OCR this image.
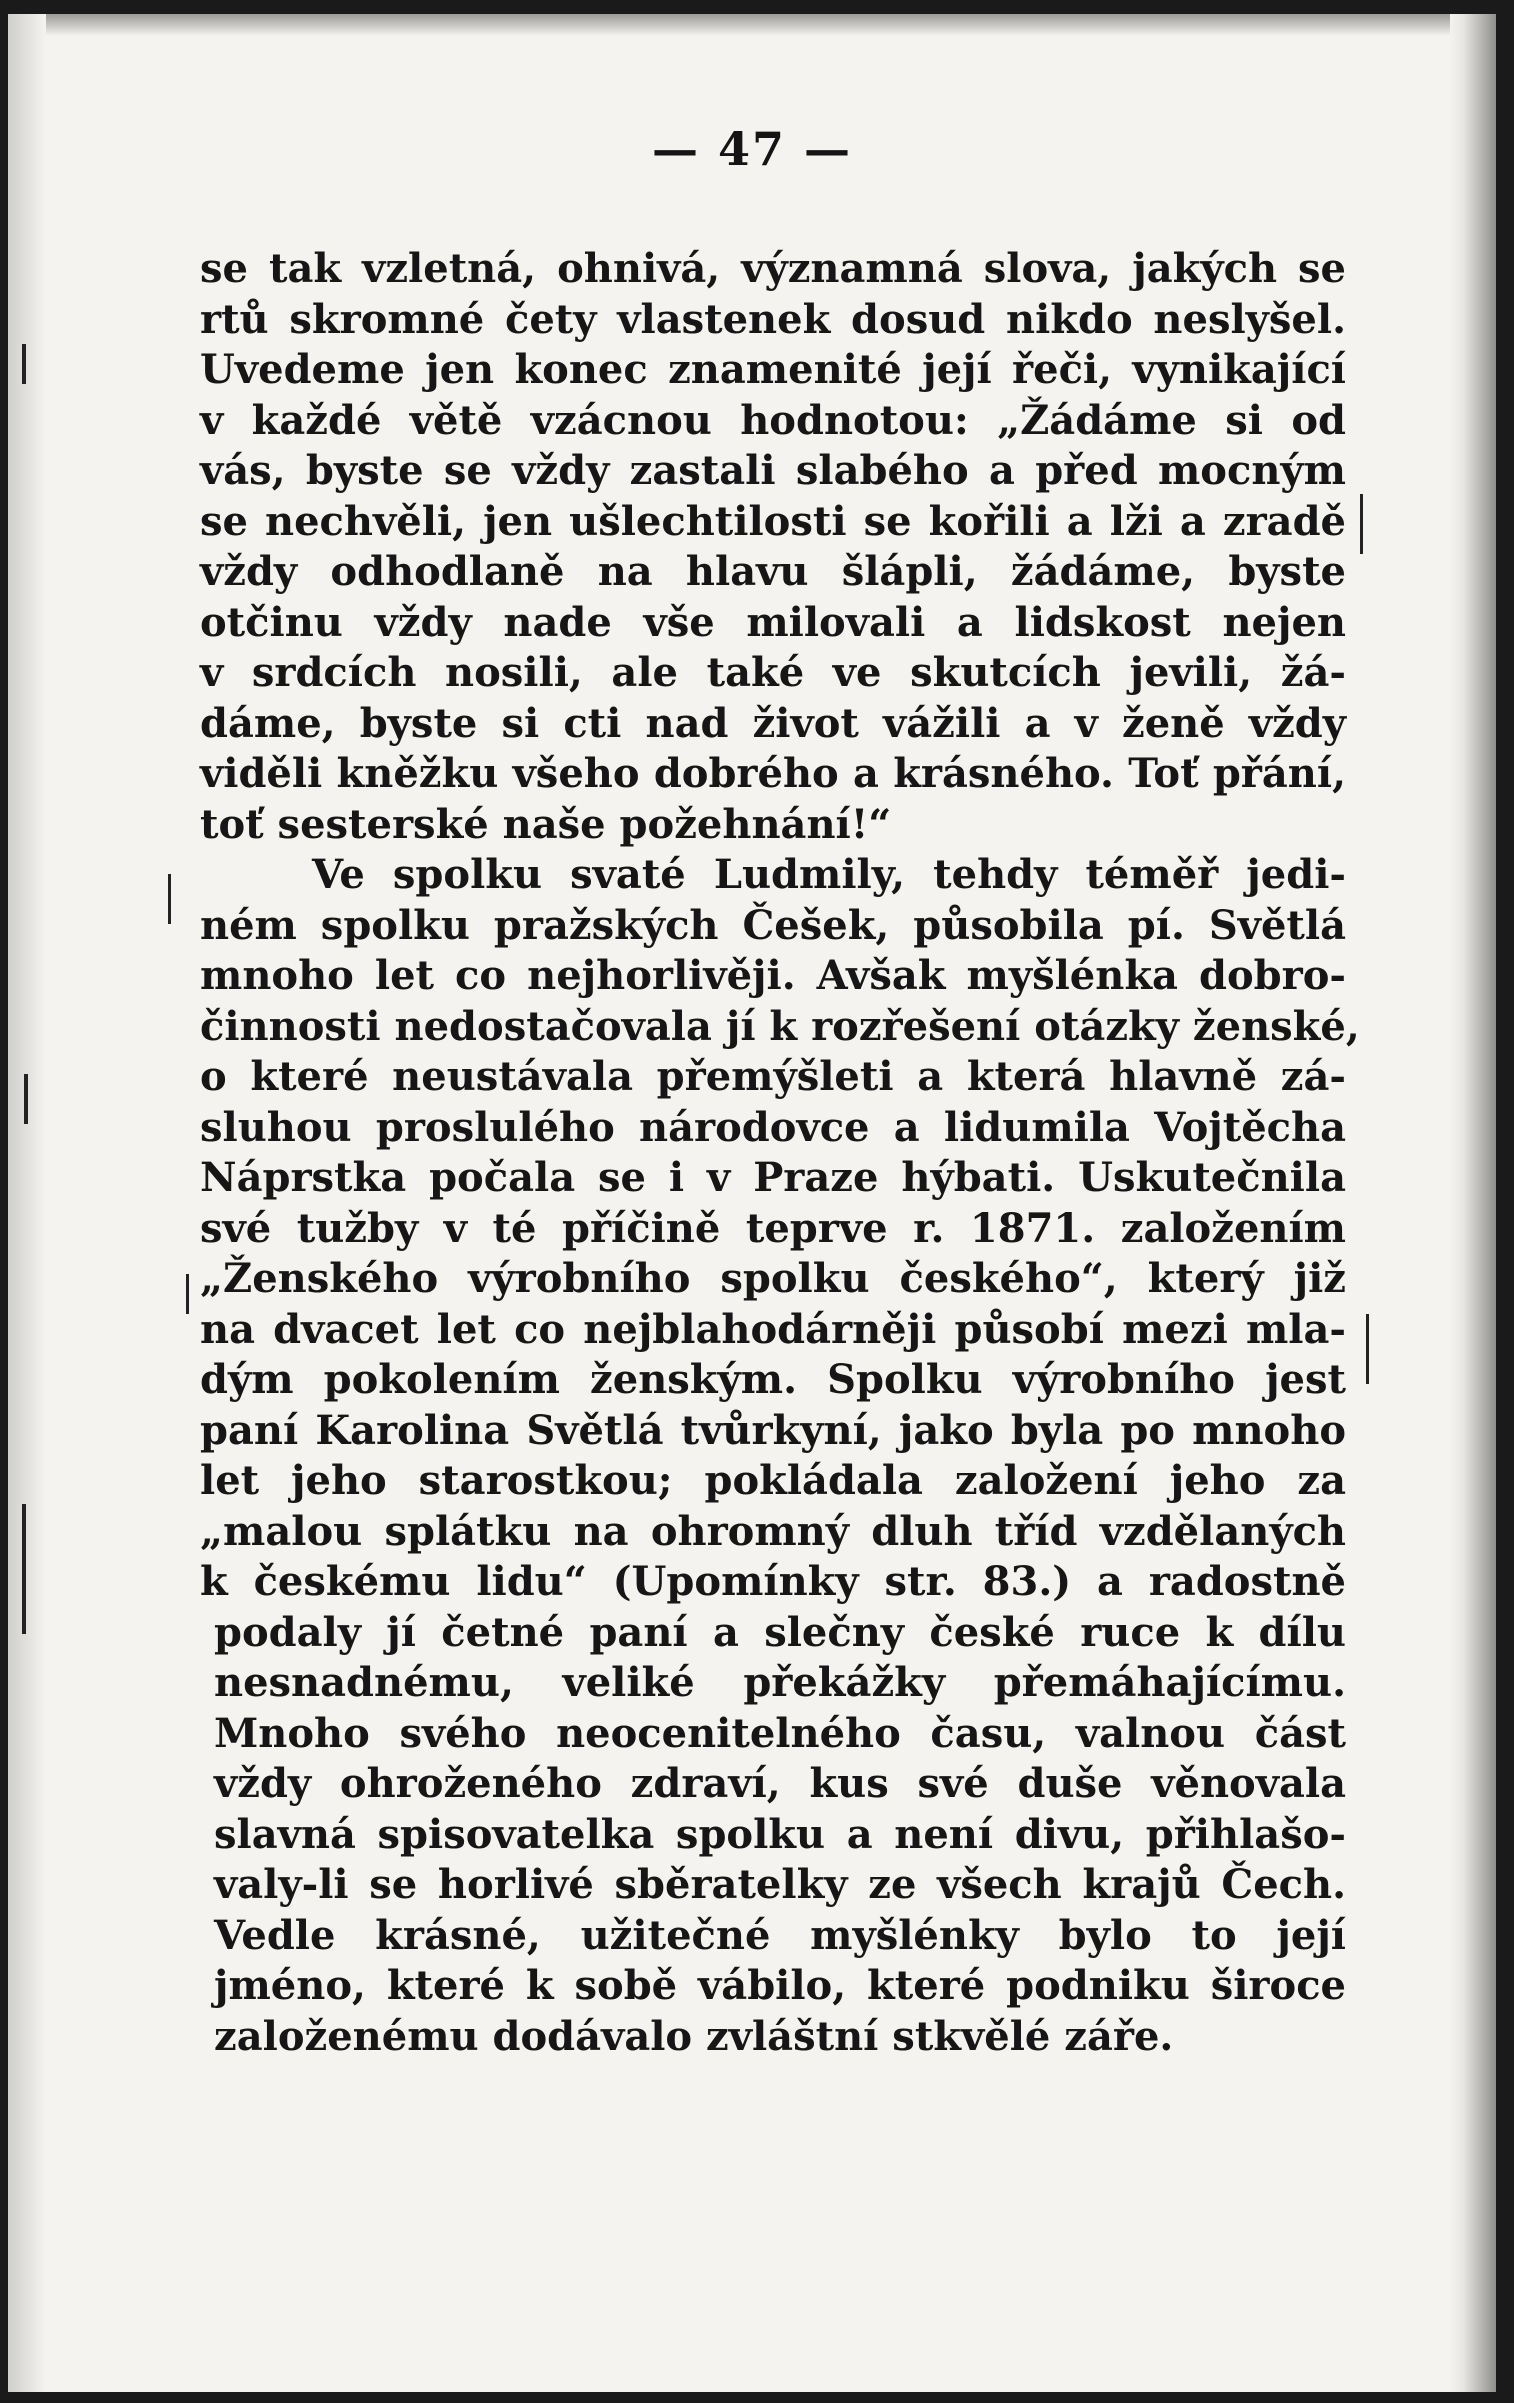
— 47 —
se tak vzletná, ohnivá, významná slova, jakých se
rtů skromné čety vlastenek dosud nikdo neslyšel.
Uvedeme jen konec znamenité její řeči, vynikající
v každé větě vzácnou hodnotou: „Žádáme si od
vás, byste se vždy zastali slabého a před mocným
se nechvěli, jen ušlechtilosti se kořili a lži a zradě
vždy odhodlaně na hlavu šlápli, žádáme, byste
otčinu vždy nade vše milovali a lidskost nejen
v srdcích nosili, ale také ve skutcích jevili, žá-
dáme, byste si cti nad život vážili a v ženě vždy
viděli kněžku všeho dobrého a krásného. Toť přání,
toť sesterské naše požehnání!“
Ve spolku svaté Ludmily, tehdy téměř jedi-
ném spolku pražských Češek, působila pí. Světlá
mnoho let co nejhorlivěji. Avšak myšlénka dobro-
činnosti nedostačovala jí k rozřešení otázky ženské,
o které neustávala přemýšleti a která hlavně zá-
sluhou proslulého národovce a lidumila Vojtěcha
Náprstka počala se i v Praze hýbati. Uskutečnila
své tužby v té příčině teprve r. 1871. založením
„Ženského výrobního spolku českého“, který již
na dvacet let co nejblahodárněji působí mezi mla-
dým pokolením ženským. Spolku výrobního jest
paní Karolina Světlá tvůrkyní, jako byla po mnoho
let jeho starostkou; pokládala založení jeho za
„malou splátku na ohromný dluh tříd vzdělaných
k českému lidu“ (Upomínky str. 83.) a radostně
podaly jí četné paní a slečny české ruce k dílu
nesnadnému, veliké překážky přemáhajícímu.
Mnoho svého neocenitelného času, valnou část
vždy ohroženého zdraví, kus své duše věnovala
slavná spisovatelka spolku a není divu, přihlašo-
valy-li se horlivé sběratelky ze všech krajů Čech.
Vedle krásné, užitečné myšlénky bylo to její
jméno, které k sobě vábilo, které podniku široce
založenému dodávalo zvláštní stkvělé záře.
